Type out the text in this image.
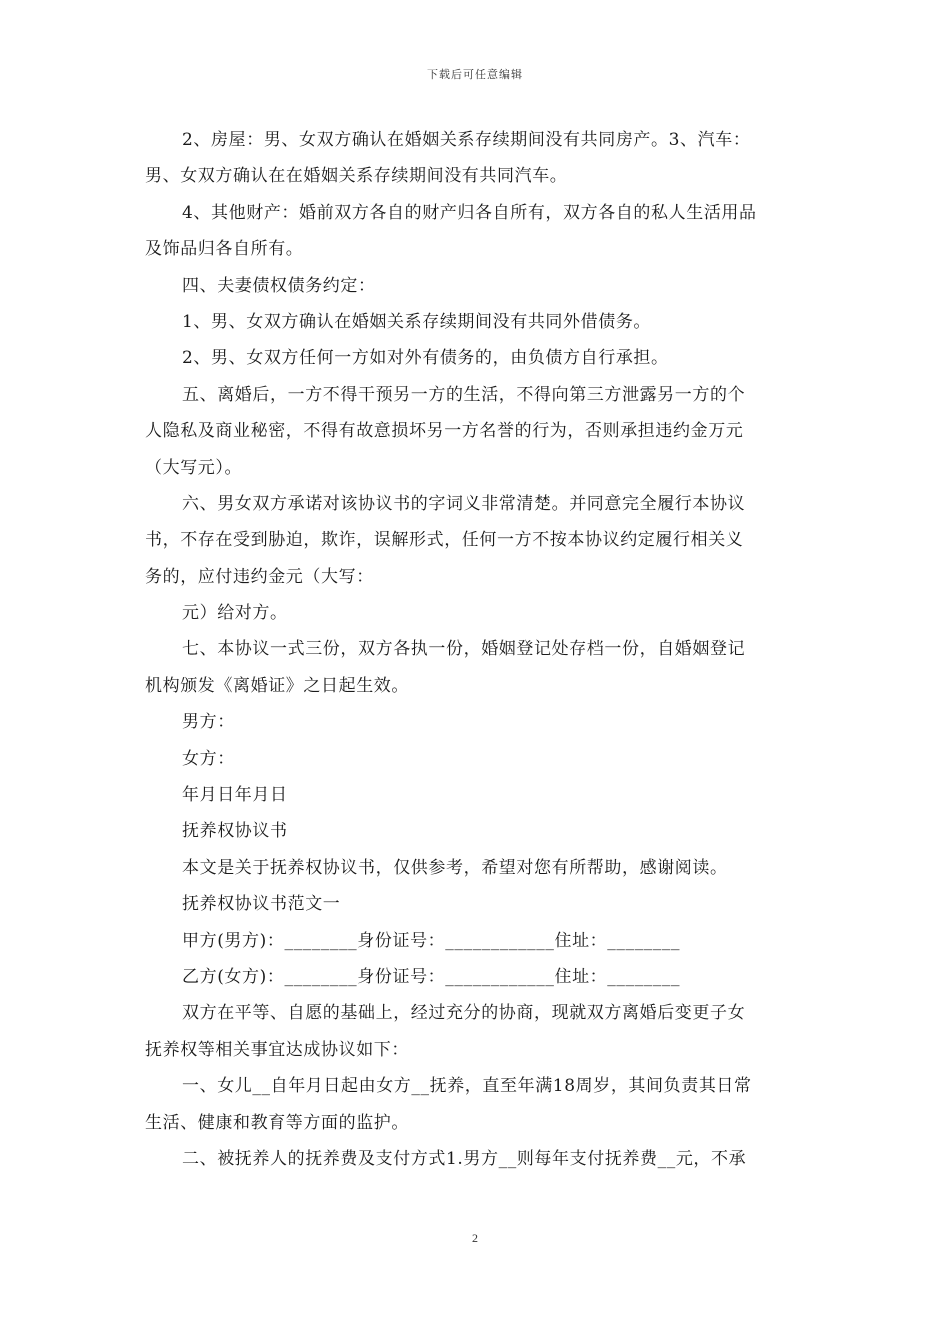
下载后可任意编辑
2、房屋：男、女双方确认在婚姻关系存续期间没有共同房产。3、汽车：
男、女双方确认在在婚姻关系存续期间没有共同汽车。
4、其他财产：婚前双方各自的财产归各自所有，双方各自的私人生活用品
及饰品归各自所有。
四、夫妻债权债务约定：
1、男、女双方确认在婚姻关系存续期间没有共同外借债务。
2、男、女双方任何一方如对外有债务的，由负债方自行承担。
五、离婚后，一方不得干预另一方的生活，不得向第三方泄露另一方的个
人隐私及商业秘密，不得有故意损坏另一方名誉的行为，否则承担违约金万元
（大写元）。
六、男女双方承诺对该协议书的字词义非常清楚。并同意完全履行本协议
书，不存在受到胁迫，欺诈，误解形式，任何一方不按本协议约定履行相关义
务的，应付违约金元（大写：
元）给对方。
七、本协议一式三份，双方各执一份，婚姻登记处存档一份，自婚姻登记
机构颁发《离婚证》之日起生效。
男方：
女方：
年月日年月日
抚养权协议书
本文是关于抚养权协议书，仅供参考，希望对您有所帮助，感谢阅读。
抚养权协议书范文一
甲方(男方)：________身份证号：____________住址：________
乙方(女方)：________身份证号：____________住址：________
双方在平等、自愿的基础上，经过充分的协商，现就双方离婚后变更子女
抚养权等相关事宜达成协议如下：
一、女儿__自年月日起由女方__抚养，直至年满18周岁，其间负责其日常
生活、健康和教育等方面的监护。
二、被抚养人的抚养费及支付方式1.男方__则每年支付抚养费__元，不承
2
